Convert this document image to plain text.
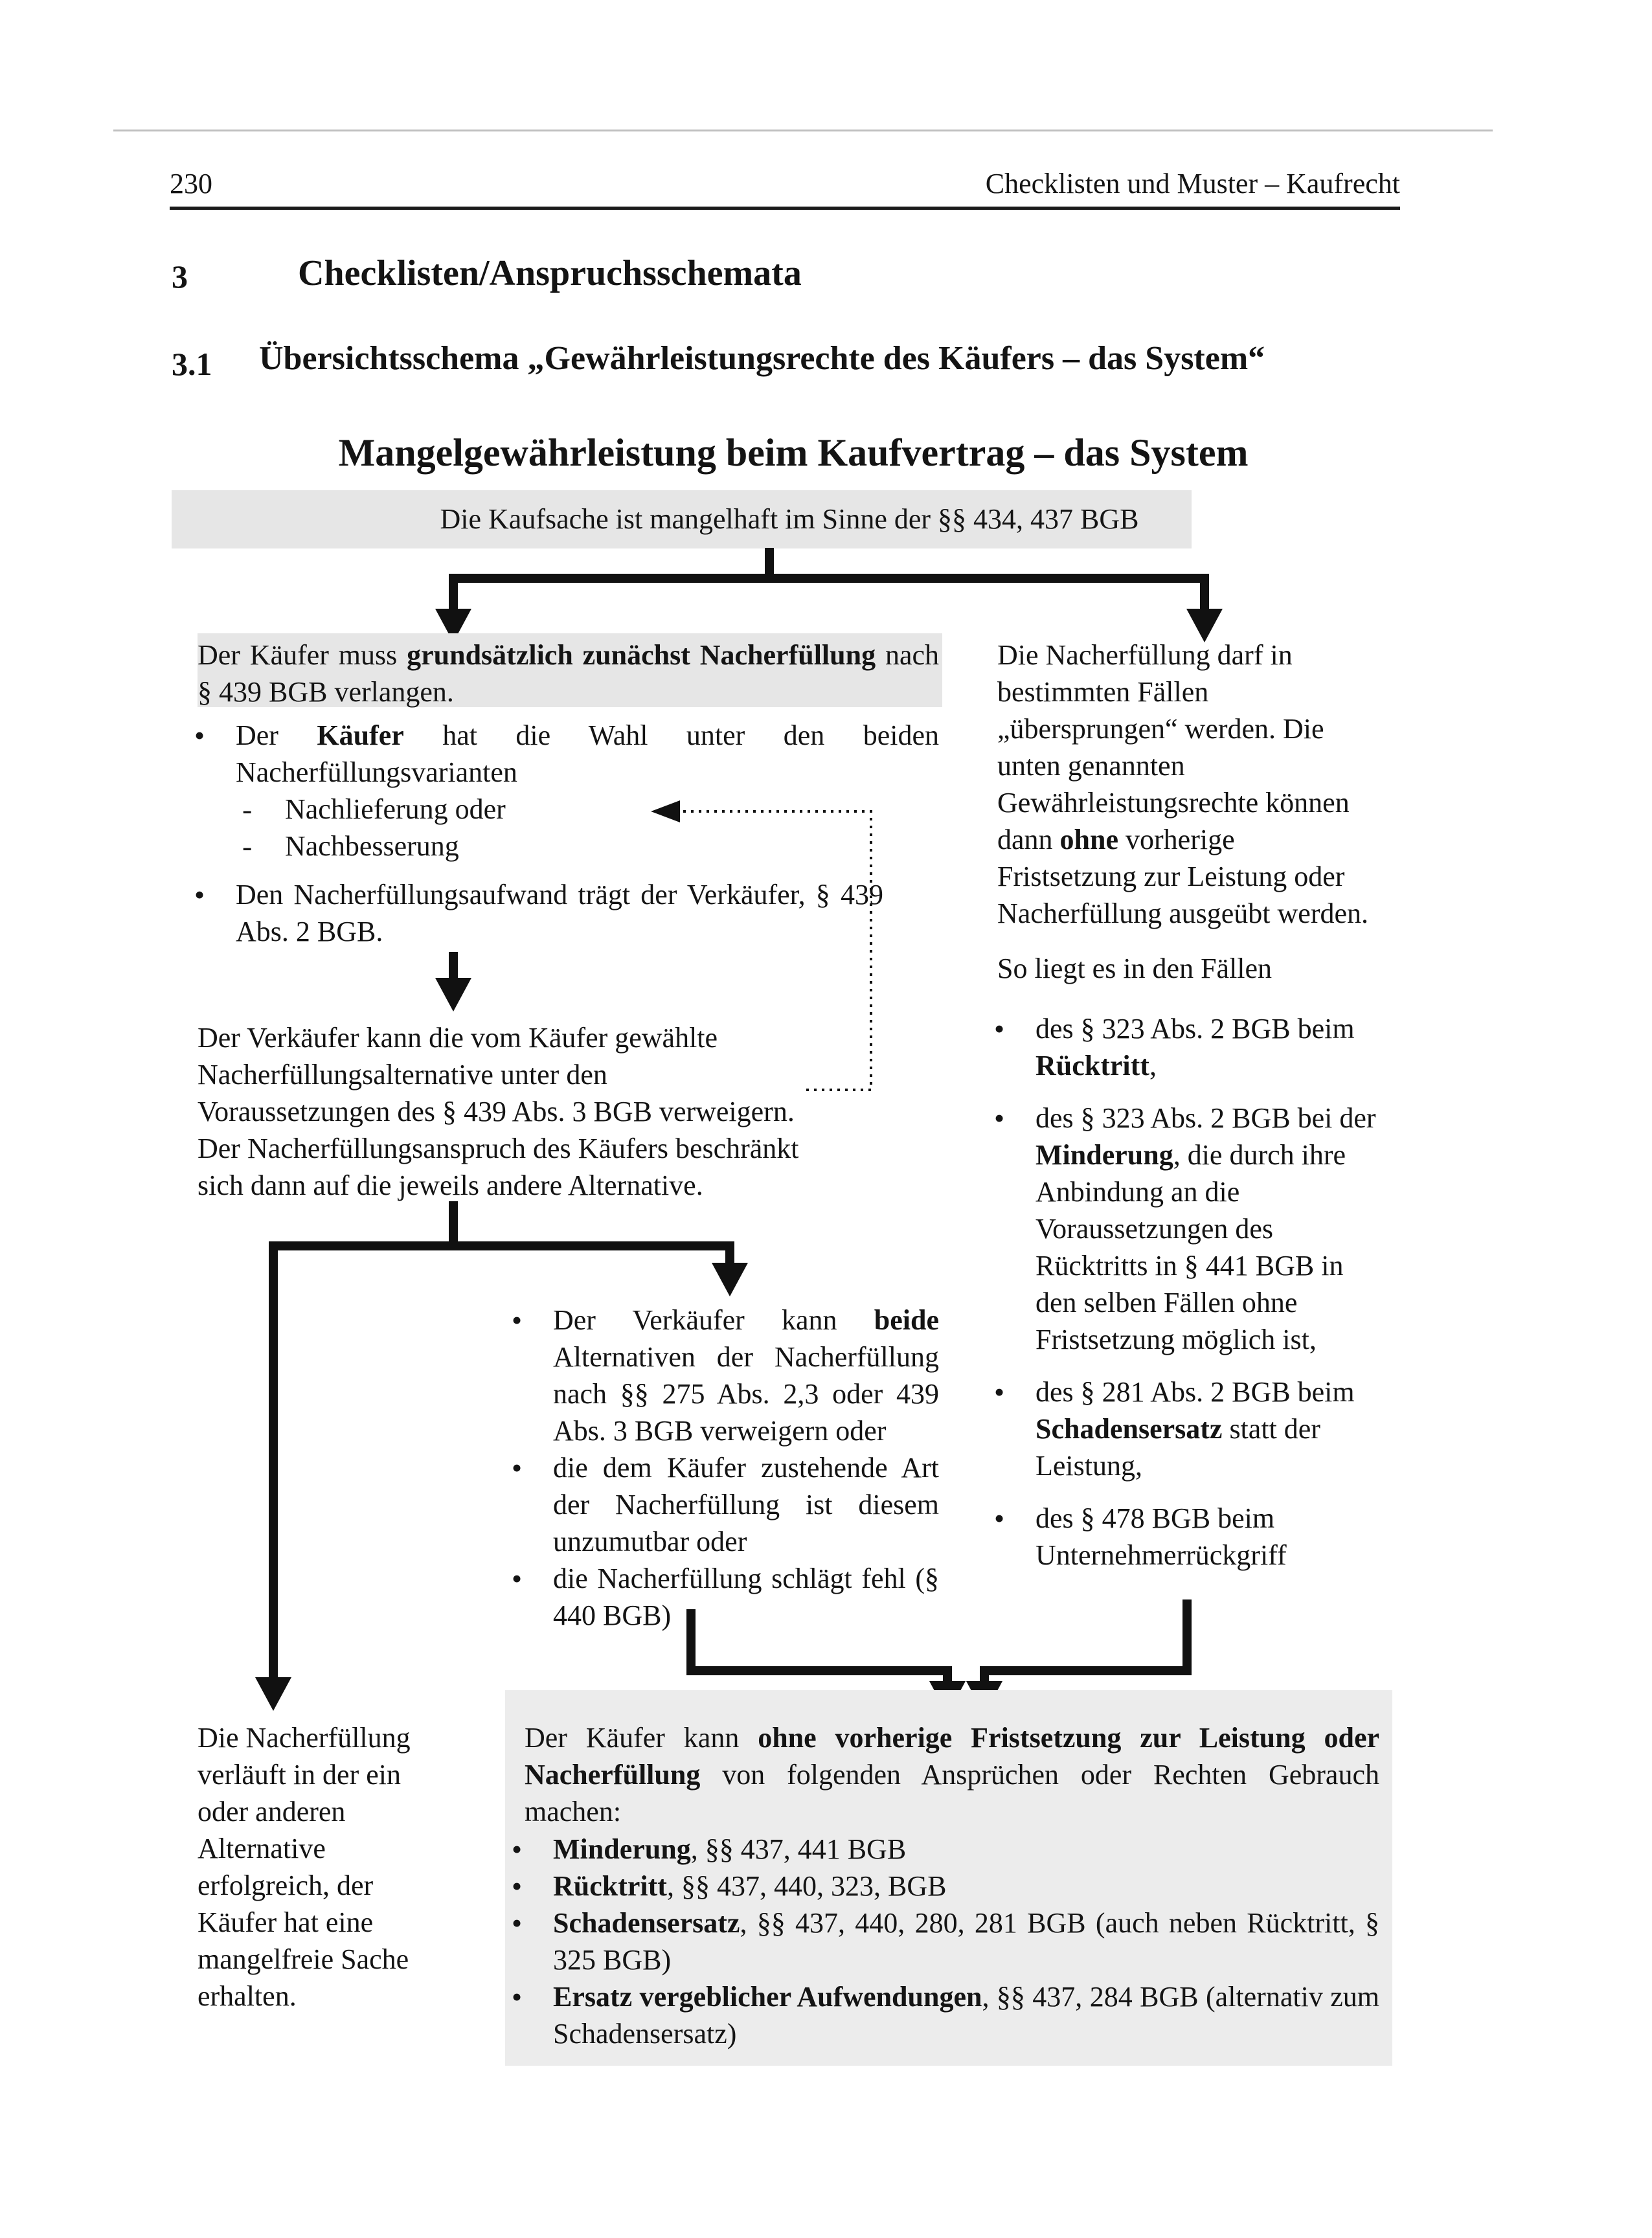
230	Checklisten und Muster – Kaufrecht
3	Checklisten/Anspruchsschemata
3.1 Übersichtsschema „Gewährleistungsrechte des Käufers – das System“
Mangelgewährleistung beim Kaufvertrag – das System
Die Kaufsache ist mangelhaft im Sinne der §§ 434, 437 BGB
Der Käufer muss grundsätzlich zunächst Nacherfüllung nach § 439 BGB verlangen.
• Der Käufer hat die Wahl unter den beiden Nacherfüllungsvarianten
- Nachlieferung oder
- Nachbesserung
• Den Nacherfüllungsaufwand trägt der Verkäufer, § 439 Abs. 2 BGB.
Der Verkäufer kann die vom Käufer gewählte Nacherfüllungsalternative unter den Voraussetzungen des § 439 Abs. 3 BGB verweigern. Der Nacherfüllungsanspruch des Käufers beschränkt sich dann auf die jeweils andere Alternative.
• Der Verkäufer kann beide Alternativen der Nacherfüllung nach §§ 275 Abs. 2,3 oder 439 Abs. 3 BGB verweigern oder
• die dem Käufer zustehende Art der Nacherfüllung ist diesem unzumutbar oder
• die Nacherfüllung schlägt fehl (§ 440 BGB)
Die Nacherfüllung darf in bestimmten Fällen „übersprungen“ werden. Die unten genannten Gewährleistungsrechte können dann ohne vorherige Fristsetzung zur Leistung oder Nacherfüllung ausgeübt werden.
So liegt es in den Fällen
• des § 323 Abs. 2 BGB beim Rücktritt,
• des § 323 Abs. 2 BGB bei der Minderung, die durch ihre Anbindung an die Voraussetzungen des Rücktritts in § 441 BGB in den selben Fällen ohne Fristsetzung möglich ist,
• des § 281 Abs. 2 BGB beim Schadensersatz statt der Leistung,
• des § 478 BGB beim Unternehmerrückgriff
Die Nacherfüllung verläuft in der ein oder anderen Alternative erfolgreich, der Käufer hat eine mangelfreie Sache erhalten.
Der Käufer kann ohne vorherige Fristsetzung zur Leistung oder Nacherfüllung von folgenden Ansprüchen oder Rechten Gebrauch machen:
• Minderung, §§ 437, 441 BGB
• Rücktritt, §§ 437, 440, 323, BGB
• Schadensersatz, §§ 437, 440, 280, 281 BGB (auch neben Rücktritt, § 325 BGB)
• Ersatz vergeblicher Aufwendungen, §§ 437, 284 BGB (alternativ zum Schadensersatz)
